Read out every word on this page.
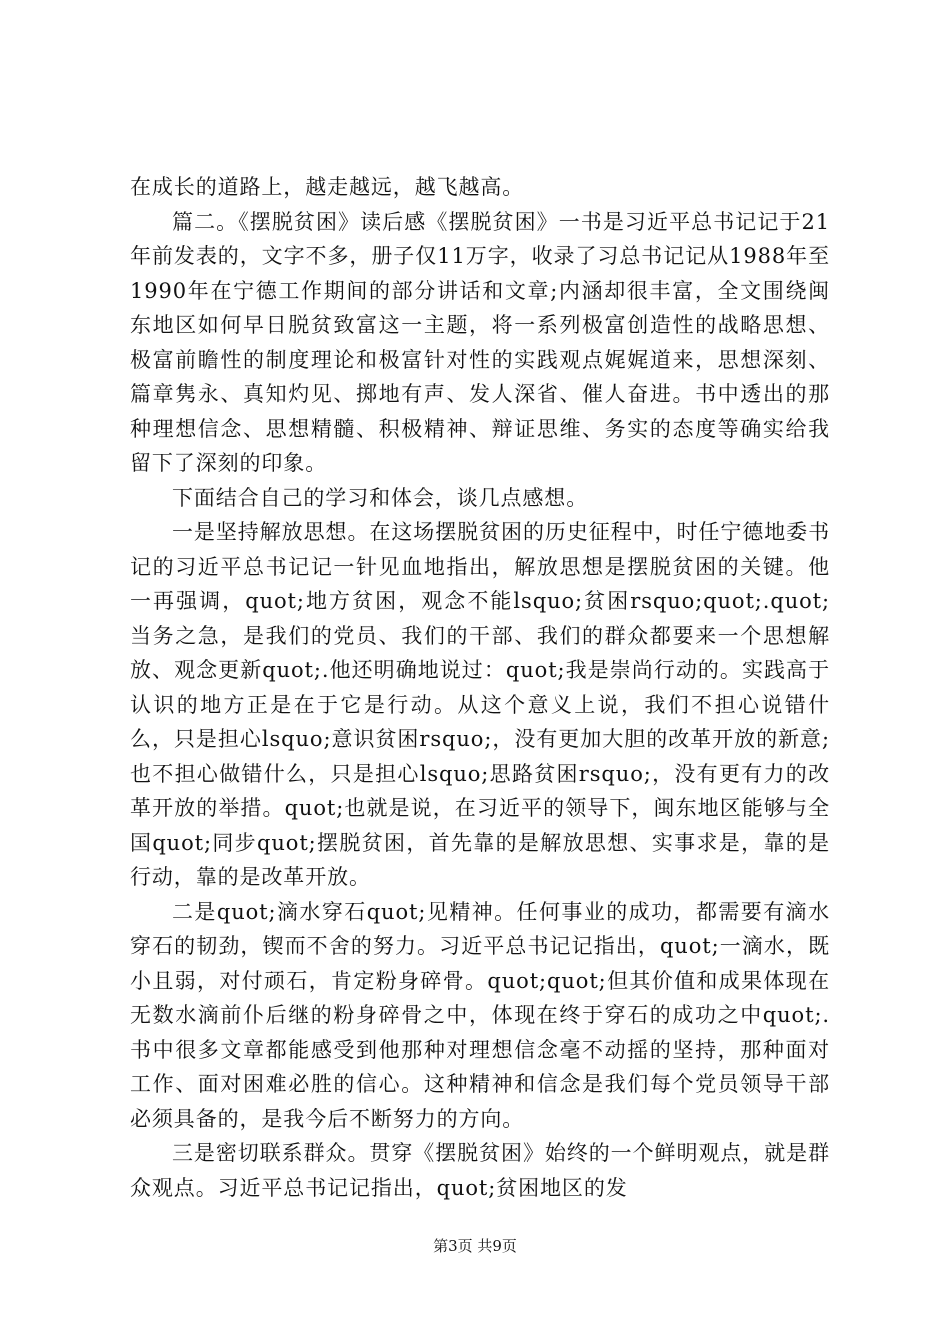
在成长的道路上，越走越远，越飞越高。

篇二。《摆脱贫困》读后感《摆脱贫困》一书是习近平总书记记于21年前发表的，文字不多，册子仅11万字，收录了习总书记记从1988年至1990年在宁德工作期间的部分讲话和文章;内涵却很丰富，全文围绕闽东地区如何早日脱贫致富这一主题，将一系列极富创造性的战略思想、极富前瞻性的制度理论和极富针对性的实践观点娓娓道来，思想深刻、篇章隽永、真知灼见、掷地有声、发人深省、催人奋进。书中透出的那种理想信念、思想精髓、积极精神、辩证思维、务实的态度等确实给我留下了深刻的印象。

下面结合自己的学习和体会，谈几点感想。

一是坚持解放思想。在这场摆脱贫困的历史征程中，时任宁德地委书记的习近平总书记记一针见血地指出，解放思想是摆脱贫困的关键。他一再强调，quot;地方贫困，观念不能lsquo;贫困rsquo;quot;.quot;当务之急，是我们的党员、我们的干部、我们的群众都要来一个思想解放、观念更新quot;.他还明确地说过：quot;我是崇尚行动的。实践高于认识的地方正是在于它是行动。从这个意义上说，我们不担心说错什么，只是担心lsquo;意识贫困rsquo;，没有更加大胆的改革开放的新意;也不担心做错什么，只是担心lsquo;思路贫困rsquo;，没有更有力的改革开放的举措。quot;也就是说，在习近平的领导下，闽东地区能够与全国quot;同步quot;摆脱贫困，首先靠的是解放思想、实事求是，靠的是行动，靠的是改革开放。

二是quot;滴水穿石quot;见精神。任何事业的成功，都需要有滴水穿石的韧劲，锲而不舍的努力。习近平总书记记指出，quot;一滴水，既小且弱，对付顽石，肯定粉身碎骨。quot;quot;但其价值和成果体现在无数水滴前仆后继的粉身碎骨之中，体现在终于穿石的成功之中quot;.书中很多文章都能感受到他那种对理想信念毫不动摇的坚持，那种面对工作、面对困难必胜的信心。这种精神和信念是我们每个党员领导干部必须具备的，是我今后不断努力的方向。

三是密切联系群众。贯穿《摆脱贫困》始终的一个鲜明观点，就是群众观点。习近平总书记记指出，quot;贫困地区的发

第3页 共9页
